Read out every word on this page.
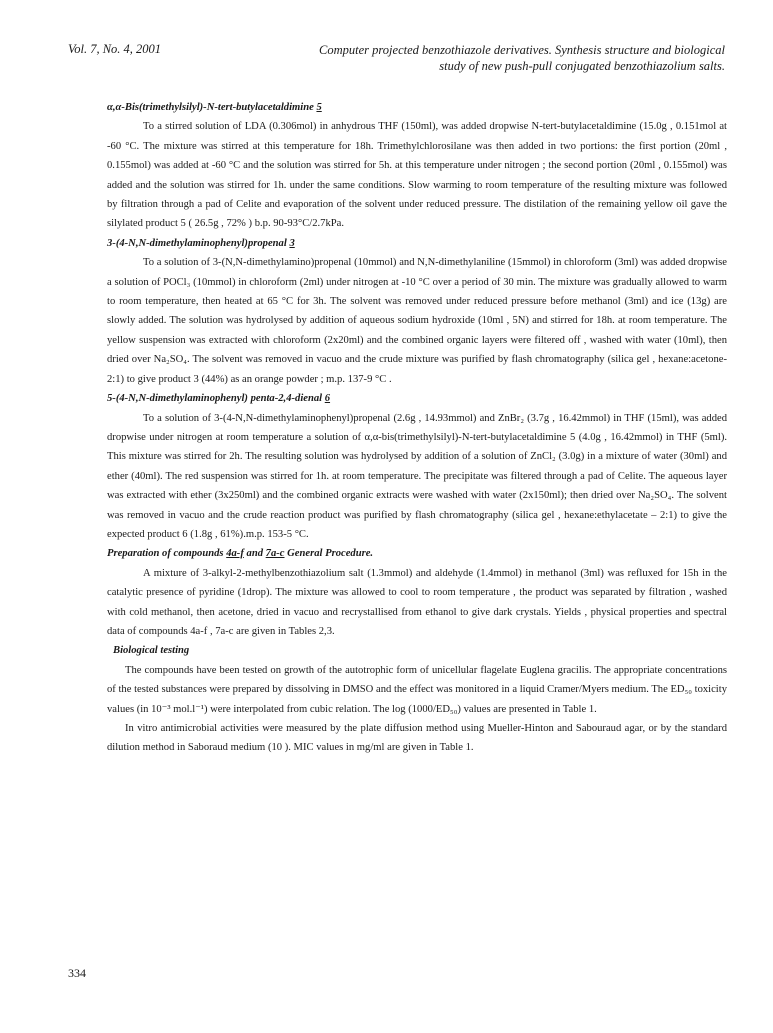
Vol. 7, No. 4, 2001	Computer projected benzothiazole derivatives. Synthesis structure and biological
study of new push-pull conjugated benzothiazolium salts.

α,α-Bis(trimethylsilyl)-N-tert-butylacetaldimine 5

To a stirred solution of LDA (0.306mol) in anhydrous THF (150ml), was added dropwise N-tert-butylacetaldimine (15.0g , 0.151mol at -60 °C. The mixture was stirred at this temperature for 18h. Trimethylchlorosilane was then added in two portions: the first portion (20ml , 0.155mol) was added at -60 °C and the solution was stirred for 5h. at this temperature under nitrogen ; the second portion (20ml , 0.155mol) was added and the solution was stirred for 1h. under the same conditions. Slow warming to room temperature of the resulting mixture was followed by filtration through a pad of Celite and evaporation of the solvent under reduced pressure. The distilation of the remaining yellow oil gave the silylated product 5 ( 26.5g , 72% ) b.p. 90-93°C/2.7kPa.

3-(4-N,N-dimethylaminophenyl)propenal 3

To a solution of 3-(N,N-dimethylamino)propenal (10mmol) and N,N-dimethylaniline (15mmol) in chloroform (3ml) was added dropwise a solution of POCl₃ (10mmol) in chloroform (2ml) under nitrogen at -10 °C over a period of 30 min. The mixture was gradually allowed to warm to room temperature, then heated at 65 °C for 3h. The solvent was removed under reduced pressure before methanol (3ml) and ice (13g) are slowly added. The solution was hydrolysed by addition of aqueous sodium hydroxide (10ml , 5N) and stirred for 18h. at room temperature. The yellow suspension was extracted with chloroform (2x20ml) and the combined organic layers were filtered off , washed with water (10ml), then dried over Na₂SO₄. The solvent was removed in vacuo and the crude mixture was purified by flash chromatography (silica gel , hexane:acetone-2:1) to give product 3 (44%) as an orange powder ; m.p. 137-9 °C .

5-(4-N,N-dimethylaminophenyl) penta-2,4-dienal 6

To a solution of 3-(4-N,N-dimethylaminophenyl)propenal (2.6g , 14.93mmol) and ZnBr₂ (3.7g , 16.42mmol) in THF (15ml), was added dropwise under nitrogen at room temperature a solution of α,α-bis(trimethylsilyl)-N-tert-butylacetaldimine 5 (4.0g , 16.42mmol) in THF (5ml). This mixture was stirred for 2h. The resulting solution was hydrolysed by addition of a solution of ZnCl₂ (3.0g) in a mixture of water (30ml) and ether (40ml). The red suspension was stirred for 1h. at room temperature. The precipitate was filtered through a pad of Celite. The aqueous layer was extracted with ether (3x250ml) and the combined organic extracts were washed with water (2x150ml); then dried over Na₂SO₄. The solvent was removed in vacuo and the crude reaction product was purified by flash chromatography (silica gel , hexane:ethylacetate – 2:1) to give the expected product 6 (1.8g , 61%).m.p. 153-5 °C.

Preparation of compounds 4a-f and 7a-c General Procedure.

A mixture of 3-alkyl-2-methylbenzothiazolium salt (1.3mmol) and aldehyde (1.4mmol) in methanol (3ml) was refluxed for 15h in the catalytic presence of pyridine (1drop). The mixture was allowed to cool to room temperature , the product was separated by filtration , washed with cold methanol, then acetone, dried in vacuo and recrystallised from ethanol to give dark crystals. Yields , physical properties and spectral data of compounds 4a-f , 7a-c are given in Tables 2,3.

Biological testing

The compounds have been tested on growth of the autotrophic form of unicellular flagelate Euglena gracilis. The appropriate concentrations of the tested substances were prepared by dissolving in DMSO and the effect was monitored in a liquid Cramer/Myers medium. The ED₅₀ toxicity values (in 10⁻³ mol.l⁻¹) were interpolated from cubic relation. The log (1000/ED₅₀) values are presented in Table 1.

In vitro antimicrobial activities were measured by the plate diffusion method using Mueller-Hinton and Sabouraud agar, or by the standard dilution method in Saboraud medium (10 ). MIC values in mg/ml are given in Table 1.

334
